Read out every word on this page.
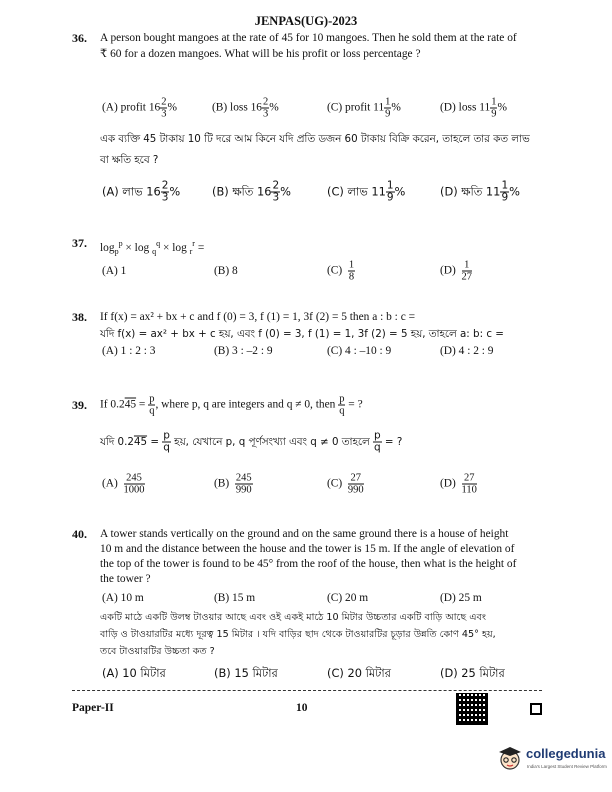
JENPAS(UG)-2023
36. A person bought mangoes at the rate of 45 for 10 mangoes. Then he sold them at the rate of
₹ 60 for a dozen mangoes. What will be his profit or loss percentage ?
(A) profit $16 \frac{2}{3}$ %	(B) loss $16 \frac{2}{3}$ %	(C) profit $11 \frac{1}{9}$ %	(D) loss $11 \frac{1}{9}$ %
এক ব্যক্তি 45 টাকায় 10 টি দরে আম কিনে যদি প্রতি ডজন 60 টাকায় বিক্রি করেন, তাহলে তার কত লাভ
বা ক্ষতি হবে ?
(A) লাভ $16 \frac{2}{3}$ %	(B) ক্ষতি $16 \frac{2}{3}$ %	(C) লাভ $11 \frac{1}{9}$ %	(D) ক্ষতি $11 \frac{1}{9}$ %
37. $\log_p^p \times \log _q^q \times \log _r^r$ =
(A) 1	(B) 8	$(C) \frac{1}{8}$	$(D) \frac{1}{27}$
38. If f(x) = ax² + bx + c and f (0) = 3, f (1) = 1, 3f (2) = 5 then a : b : c =
যদি f(x) = ax² + bx + c হয়, এবং f (0) = 3, f (1) = 1, 3f (2) = 5 হয়, তাহলে a: b: c =
(A) 1 : 2 : 3	(B) 3 : –2 : 9	(C) 4 : –10 : 9	(D) 4 : 2 : 9
39. If $0.245 = \frac{p}{q}$ , where p, q are integers and q ≠ 0, then $\frac{p}{q}$ = ?
যদি $0.245 = \frac{p}{q}$ হয়, যেখানে p, q পূর্ণসংখ্যা এবং q ≠ 0 তাহলে $\frac{p}{q}$ = ?
$(A) \frac{245}{1000}$	$(B) \frac{245}{990}$	$(C) \frac{27}{990}$	$(D) \frac{27}{110}$
40. A tower stands vertically on the ground and on the same ground there is a house of height
10 m and the distance between the house and the tower is 15 m. If the angle of elevation of
the top of the tower is found to be 45° from the roof of the house, then what is the height of
the tower ?
(A) 10 m	(B) 15 m	(C) 20 m	(D) 25 m
একটি মাঠে একটি উলম্ব টাওয়ার আছে এবং ওই একই মাঠে 10 মিটার উচ্চতার একটি বাড়ি আছে এবং
বাড়ি ও টাওয়ারটির মধ্যে দূরত্ব 15 মিটার । যদি বাড়ির ছাদ থেকে টাওয়ারটির চূড়ার উন্নতি কোণ 45° হয়,
তবে টাওয়ারটির উচ্চতা কত ?
(A) 10 মিটার	(B) 15 মিটার	(C) 20 মিটার	(D) 25 মিটার
Paper-II	10
collegedunia
India's Largest Student Review Platform
